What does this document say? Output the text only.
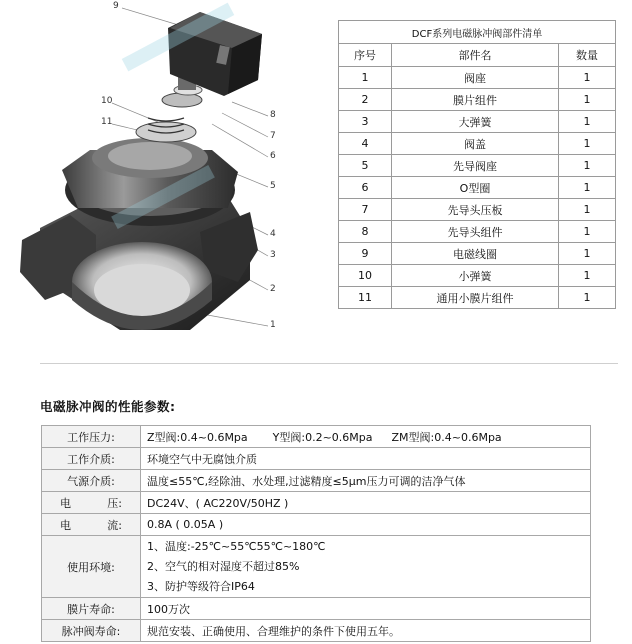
9
10
11
8
7
6
5
4
3
2
1
DCF系列电磁脉冲阀部件清单		
序号	部件名	数量
1	阀座	1
2	膜片组件	1
3	大弹簧	1
4	阀盖	1
5	先导阀座	1
6	O型圈	1
7	先导头压板	1
8	先导头组件	1
9	电磁线圈	1
10	小弹簧	1
11	通用小膜片组件	1
电磁脉冲阀的性能参数:
工作压力:	Z型阀:0.4~0.6Mpa Y型阀:0.2~0.6Mpa ZM型阀:0.4~0.6Mpa
工作介质:	环境空气中无腐蚀介质
气源介质:	温度≤55℃,经除油、水处理,过滤精度≤5μm压力可调的洁净气体

电 压:	DC24V、( AC220V/50HZ )

电 流:	0.8A ( 0.05A )
使用环境:	1、温度:-25℃~55℃55℃~180℃
2、空气的相对湿度不超过85%
3、防护等级符合IP64

膜片寿命:	100万次
脉冲阀寿命:	规范安装、正确使用、合理维护的条件下使用五年。
